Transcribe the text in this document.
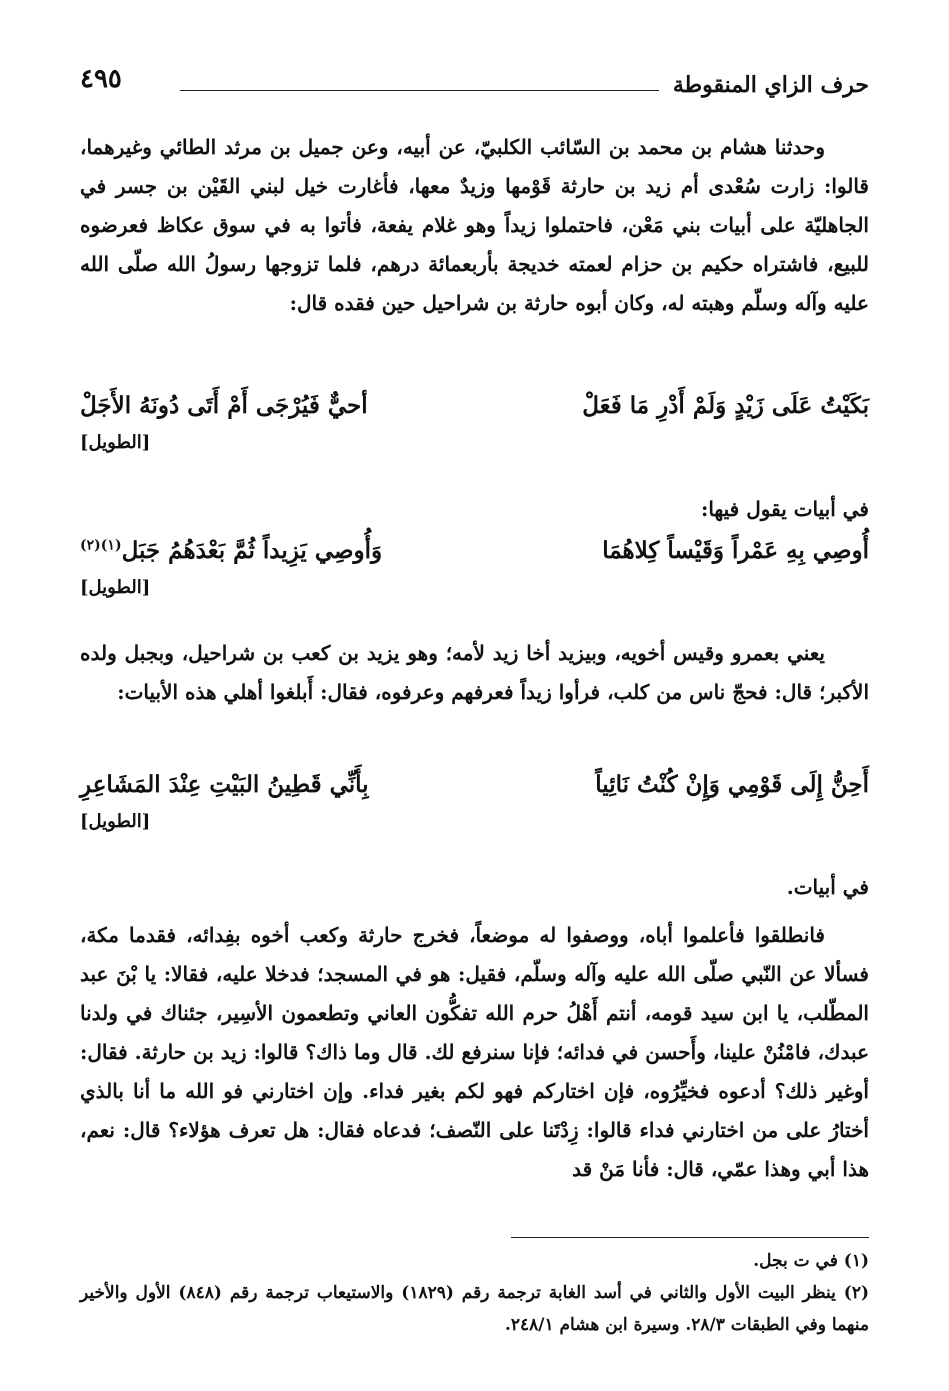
حرف الزاي المنقوطة
٤٩٥

وحدثنا هشام بن محمد بن السّائب الكلبيّ، عن أبيه، وعن جميل بن مرثد الطائي وغيرهما، قالوا: زارت سُعْدى أم زيد بن حارثة قَوْمها وزيدٌ معها، فأغارت خيل لبني القَيْن بن جسر في الجاهليّة على أبيات بني مَعْن، فاحتملوا زيداً وهو غلام يفعة، فأتوا به في سوق عكاظ فعرضوه للبيع، فاشتراه حكيم بن حزام لعمته خديجة بأربعمائة درهم، فلما تزوجها رسولُ الله صلّى الله عليه وآله وسلّم وهبته له، وكان أبوه حارثة بن شراحيل حين فقده قال:

بَكَيْتُ عَلَى زَيْدٍ وَلَمْ أَدْرِ مَا فَعَلْ
أحيٌّ فَيُرْجَى أَمْ أَتَى دُونَهُ الأَجَلْ
[الطويل]

في أبيات يقول فيها:

أُوصِي بِهِ عَمْراً وَقَيْساً كِلاهُمَا
وَأُوصِي يَزِيداً ثُمَّ بَعْدَهُمُ جَبَل$^{(١)(٢)}$
[الطويل]

يعني بعمرو وقيس أخويه، وبيزيد أخا زيد لأمه؛ وهو يزيد بن كعب بن شراحيل، وبجبل ولده الأكبر؛ قال: فحجّ ناس من كلب، فرأوا زيداً فعرفهم وعرفوه، فقال: أَبلغوا أهلي هذه الأبيات:

أَحِنُّ إِلَى قَوْمِي وَإِنْ كُنْتُ نَائِياً
بِأَنِّي قَطِينُ البَيْتِ عِنْدَ المَشَاعِرِ
[الطويل]

في أبيات.

فانطلقوا فأعلموا أباه، ووصفوا له موضعاً، فخرج حارثة وكعب أخوه بفِدائه، فقدما مكة، فسألا عن النّبي صلّى الله عليه وآله وسلّم، فقيل: هو في المسجد؛ فدخلا عليه، فقالا: يا بْنَ عبد المطّلب، يا ابن سيد قومه، أنتم أَهْلُ حرم الله تفكُّون العاني وتطعمون الأسِير، جئناك في ولدنا عبدك، فامْنُنْ علينا، وأَحسن في فدائه؛ فإنا سنرفع لك. قال وما ذاك؟ قالوا: زيد بن حارثة. فقال: أوغير ذلك؟ أدعوه فخيِّرُوه، فإن اختاركم فهو لكم بغير فداء. وإن اختارني فو الله ما أنا بالذي أختارُ على من اختارني فداء قالوا: زِدْتَنا على النّصف؛ فدعاه فقال: هل تعرف هؤلاء؟ قال: نعم، هذا أبي وهذا عمّي، قال: فأنا مَنْ قد

(١) في ت بجل.

(٢) ينظر البيت الأول والثاني في أسد الغابة ترجمة رقم (١٨٢٩) والاستيعاب ترجمة رقم (٨٤٨) الأول والأخير منهما وفي الطبقات ٢٨/٣. وسيرة ابن هشام ٢٤٨/١.
